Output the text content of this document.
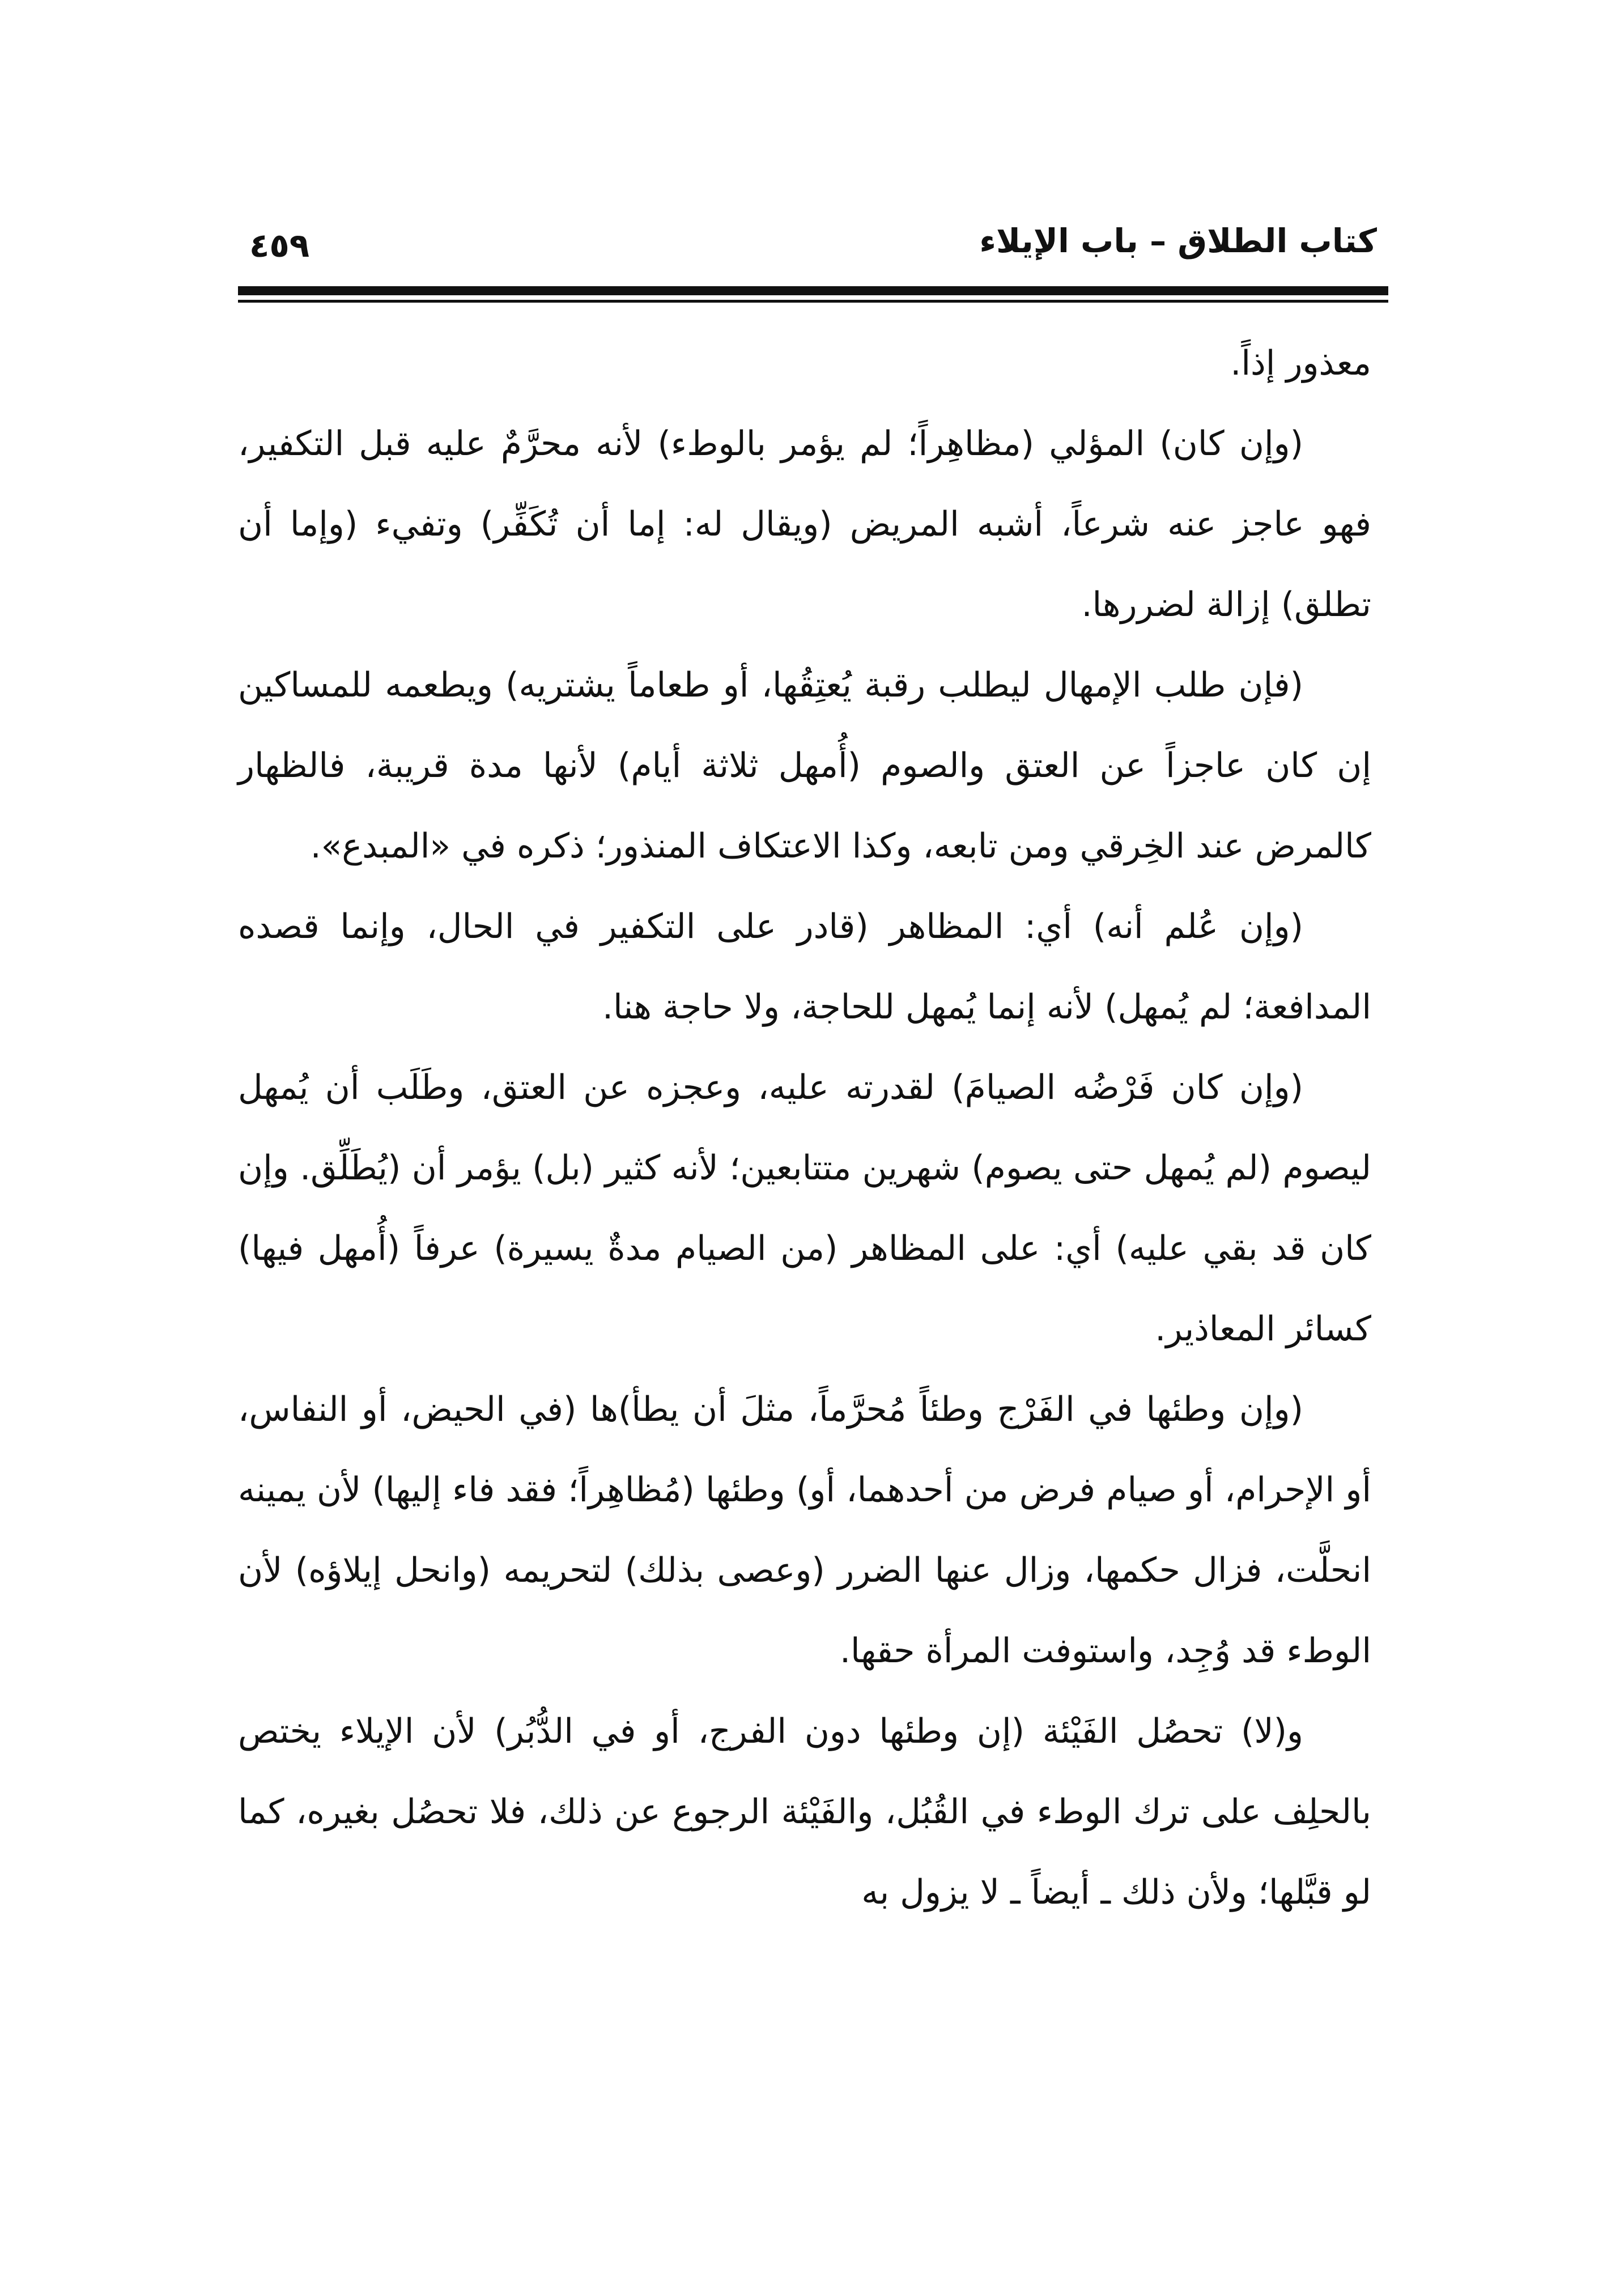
كتاب الطلاق – باب الإيلاء
٤٥٩

معذور إذاً.

(وإن كان) المؤلي (مظاهِراً؛ لم يؤمر بالوطء) لأنه محرَّمٌ عليه قبل التكفير، فهو عاجز عنه شرعاً، أشبه المريض (ويقال له: إما أن تُكَفِّر) وتفيء (وإما أن تطلق) إزالة لضررها.

(فإن طلب الإمهال ليطلب رقبة يُعتِقُها، أو طعاماً يشتريه) ويطعمه للمساكين إن كان عاجزاً عن العتق والصوم (أُمهل ثلاثة أيام) لأنها مدة قريبة، فالظهار كالمرض عند الخِرقي ومن تابعه، وكذا الاعتكاف المنذور؛ ذكره في «المبدع».

(وإن عُلم أنه) أي: المظاهر (قادر على التكفير في الحال، وإنما قصده المدافعة؛ لم يُمهل) لأنه إنما يُمهل للحاجة، ولا حاجة هنا.

(وإن كان فَرْضُه الصيامَ) لقدرته عليه، وعجزه عن العتق، وطَلَب أن يُمهل ليصوم (لم يُمهل حتى يصوم) شهرين متتابعين؛ لأنه كثير (بل) يؤمر أن (يُطَلِّق. وإن كان قد بقي عليه) أي: على المظاهر (من الصيام مدةٌ يسيرة) عرفاً (أُمهل فيها) كسائر المعاذير.

(وإن وطئها في الفَرْج وطئاً مُحرَّماً، مثلَ أن يطأ)ها (في الحيض، أو النفاس، أو الإحرام، أو صيام فرض من أحدهما، أو) وطئها (مُظاهِراً؛ فقد فاء إليها) لأن يمينه انحلَّت، فزال حكمها، وزال عنها الضرر (وعصى بذلك) لتحريمه (وانحل إيلاؤه) لأن الوطء قد وُجِد، واستوفت المرأة حقها.

و(لا) تحصُل الفَيْئة (إن وطئها دون الفرج، أو في الدُّبُر) لأن الإيلاء يختص بالحلِف على ترك الوطء في القُبُل، والفَيْئة الرجوع عن ذلك، فلا تحصُل بغيره، كما لو قبَّلها؛ ولأن ذلك ـ أيضاً ـ لا يزول به
